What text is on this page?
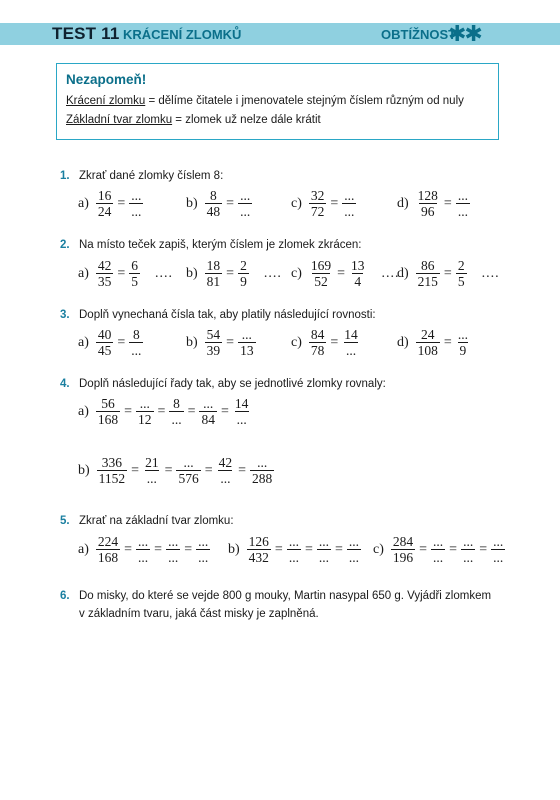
TEST 11 KRÁCENÍ ZLOMKŮ	OBTÍŽNOST
✱✱
Nezapomeň!
Krácení zlomku = dělíme čitatele i jmenovatele stejným číslem různým od nuly
Základní tvar zlomku = zlomek už nelze dále krátit
1. Zkrať dané zlomky číslem 8:
2. Na místo teček zapiš, kterým číslem je zlomek zkrácen:
3. Doplň vynechaná čísla tak, aby platily následující rovnosti:
4. Doplň následující řady tak, aby se jednotlivé zlomky rovnaly:
5. Zkrať na základní tvar zlomku:
6. Do misky, do které se vejde 800 g mouky, Martin nasypal 650 g. Vyjádři zlomkem
v základním tvaru, jaká část misky je zaplněná.
$a) \frac{16}{24} = \frac{...}{...}$	$b) \frac{8}{48} = \frac{...}{...}$	$c) \frac{32}{72} = \frac{...}{...}$	$d) \frac{128}{96} = \frac{...}{...}$
$a) \frac{42}{35} = \frac{6}{5}$ .... $b) \frac{18}{81} = \frac{2}{9}$ .... $c) \frac{169}{52} = \frac{13}{4}$ ....
$d) \frac{86}{215} = \frac{2}{5}$ ....
$a) \frac{40}{45} = \frac{8}{...}$	$b) \frac{54}{39} = \frac{...}{13}$	$c) \frac{84}{78} = \frac{14}{...}$	$d) \frac{24}{108} = \frac{...}{9}$
$a) \frac{56}{168} = \frac{...}{12} = \frac{8}{...} = \frac{...}{84} = \frac{14}{...}$
$b) \frac{336}{1152} = \frac{21}{...} = \frac{...}{576} = \frac{42}{...} = \frac{...}{288}$
$a) \frac{224}{168} = \frac{...}{...} = \frac{...}{...} = \frac{...}{...} b) \frac{126}{432} = \frac{...}{...} = \frac{...}{...} = \frac{...}{...} c) \frac{284}{196} = \frac{...}{...} = \frac{...}{...} = \frac{...}{...}$
